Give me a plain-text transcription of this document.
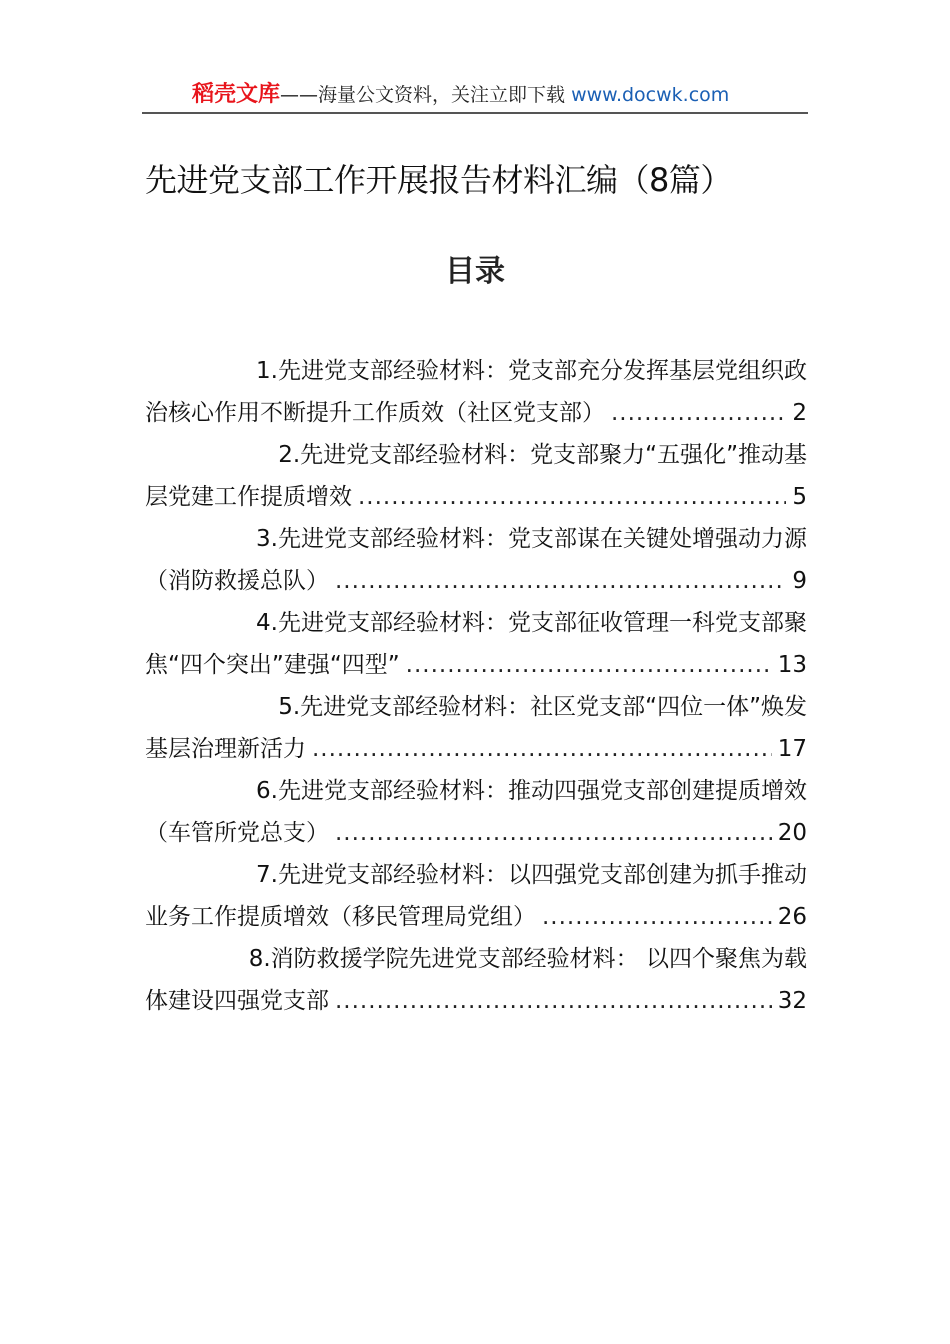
稻壳文库——海量公文资料，关注立即下载 www.docwk.com
先进党支部工作开展报告材料汇编（8篇）
目录
1.先进党支部经验材料：党支部充分发挥基层党组织政
治核心作用不断提升工作质效（社区党支部） .....	2
2.先进党支部经验材料：党支部聚力“五强化”推动基
层党建工作提质增效 .....	5
3.先进党支部经验材料：党支部谋在关键处增强动力源
（消防救援总队） .....	9
4.先进党支部经验材料：党支部征收管理一科党支部聚
焦“四个突出”建强“四型” .....	13
5.先进党支部经验材料：社区党支部“四位一体”焕发
基层治理新活力 .....	17
6.先进党支部经验材料：推动四强党支部创建提质增效
（车管所党总支） .....	20
7.先进党支部经验材料：以四强党支部创建为抓手推动
业务工作提质增效（移民管理局党组） .....	26
8.消防救援学院先进党支部经验材料： 以四个聚焦为载
体建设四强党支部 .....	32
